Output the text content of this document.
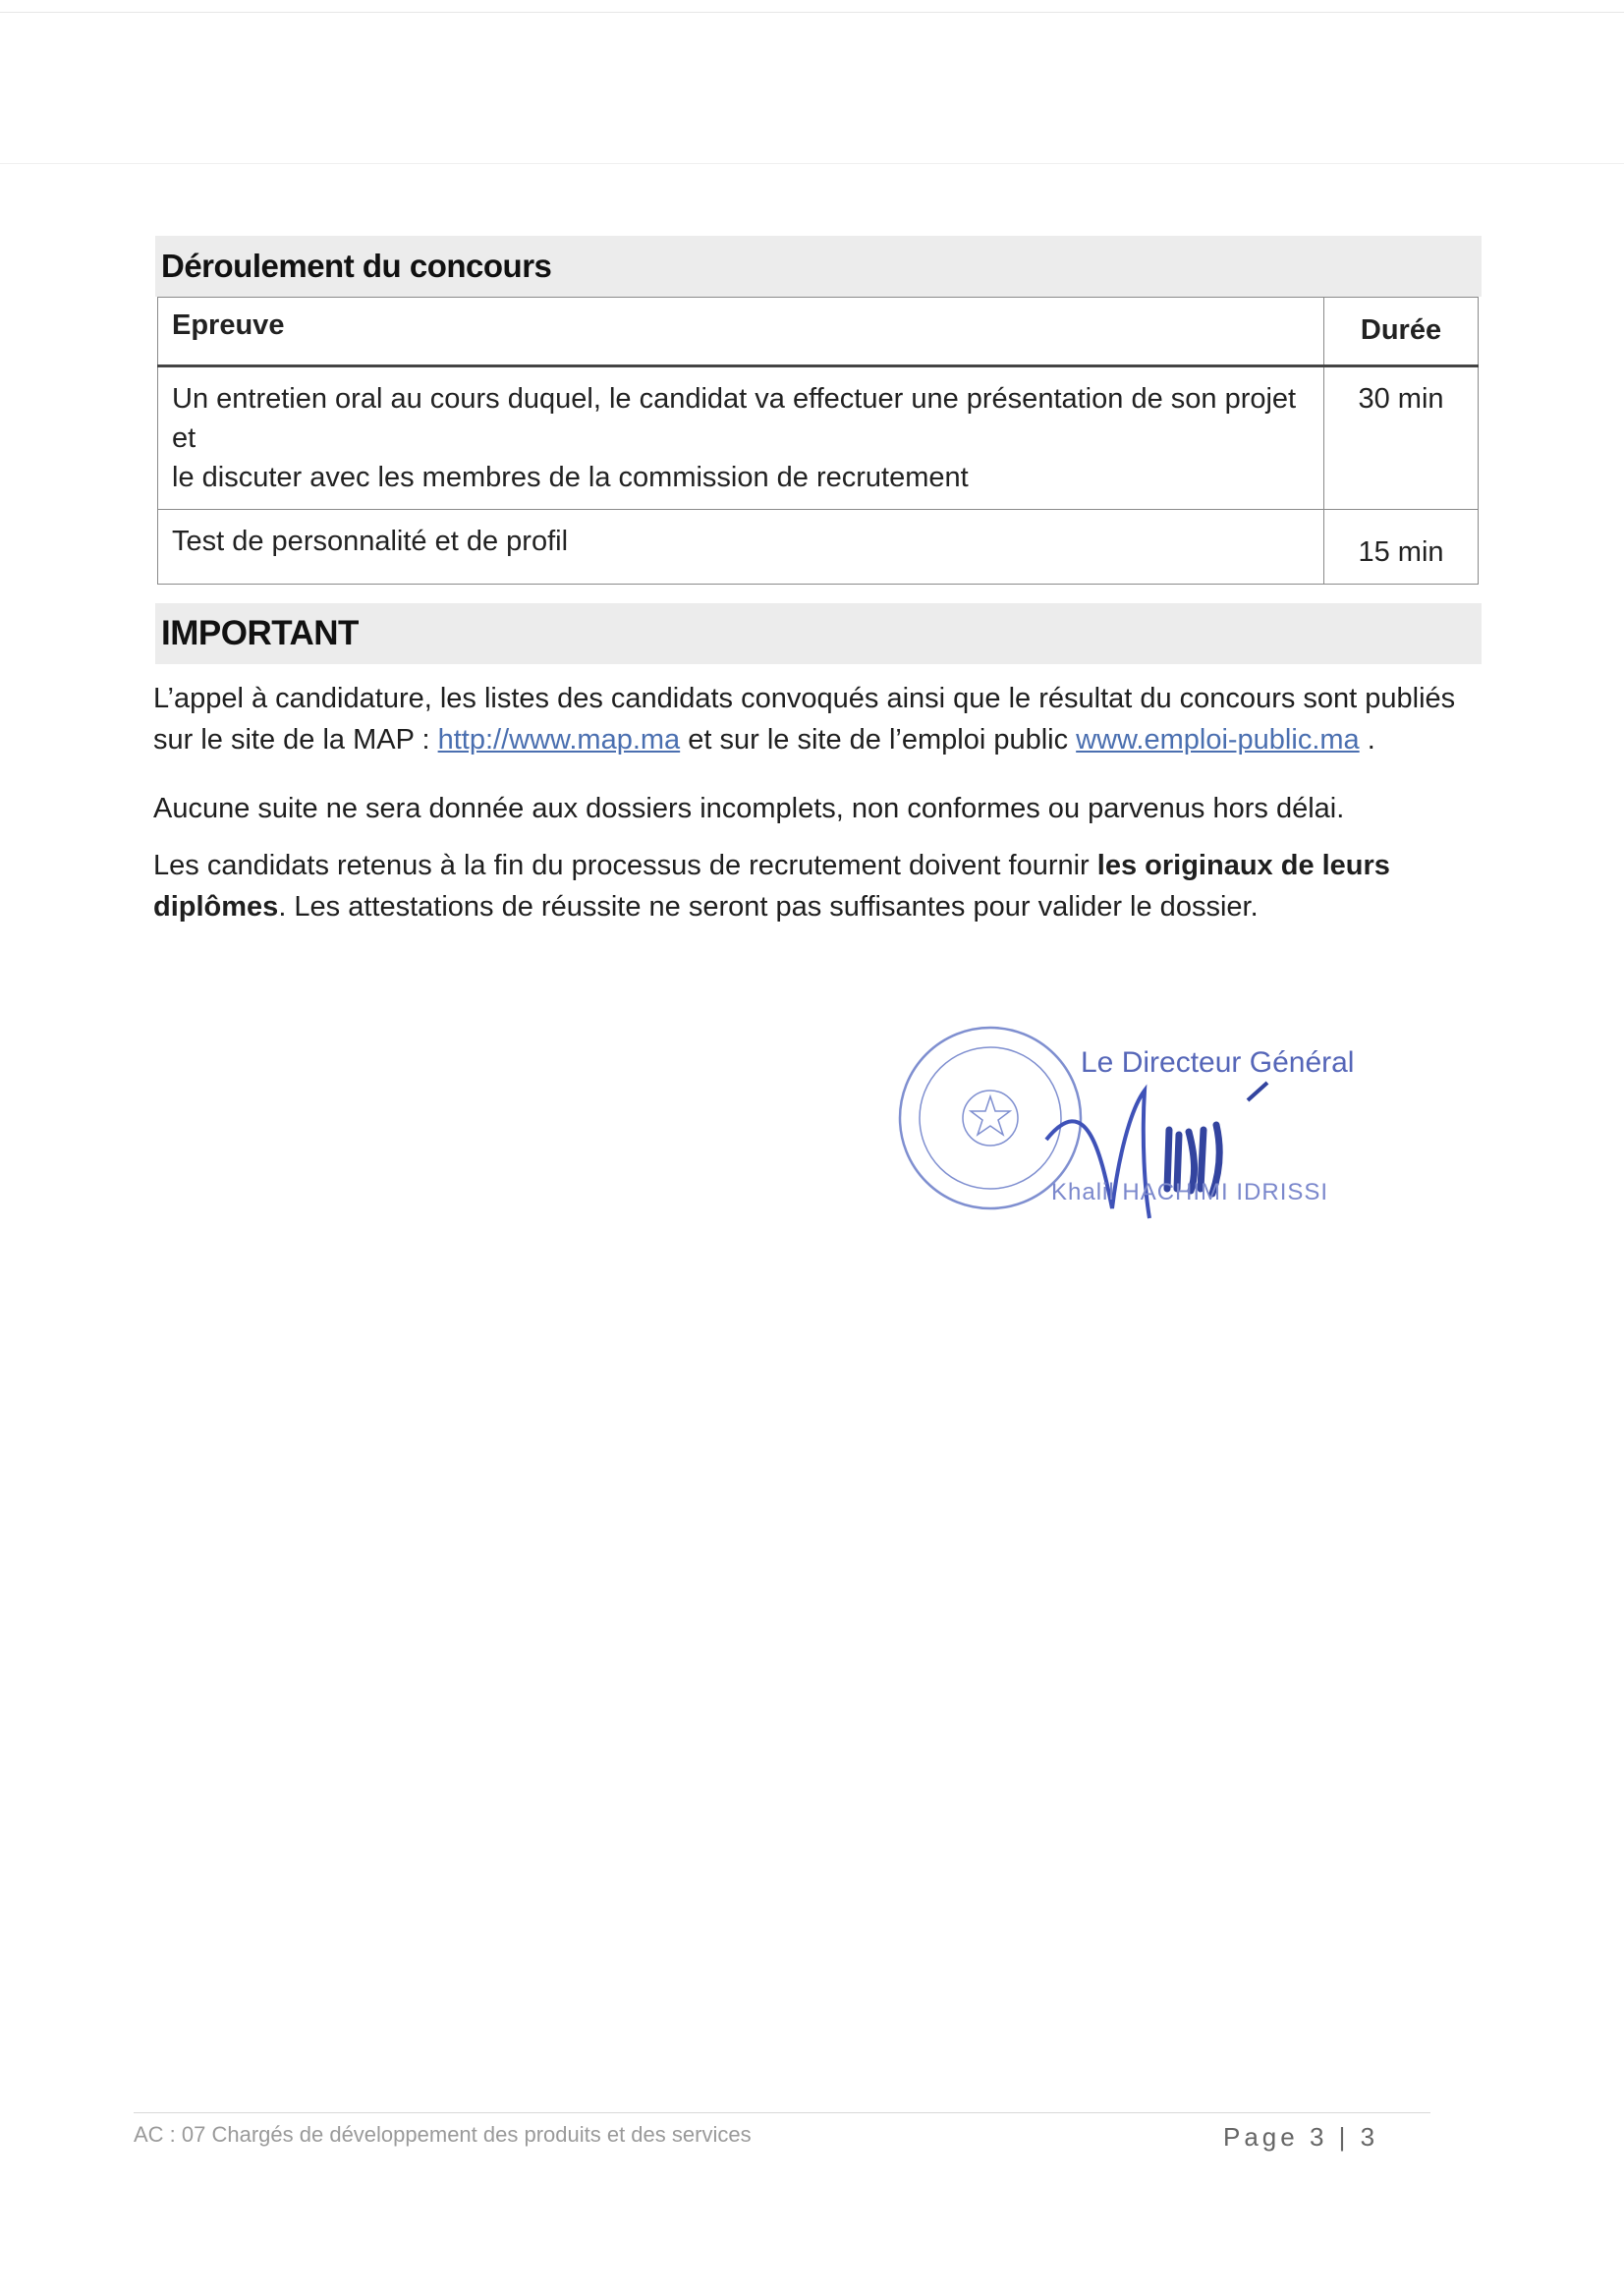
Déroulement du concours
Epreuve	Durée

Un entretien oral au cours duquel, le candidat va effectuer une présentation de son projet et
le discuter avec les membres de la commission de recrutement	30 min
Test de personnalité et de profil	15 min
IMPORTANT

L’appel à candidature, les listes des candidats convoqués ainsi que le résultat du concours sont publiés sur le site de la MAP : http://www.map.ma et sur le site de l’emploi public www.emploi-public.ma .

Aucune suite ne sera donnée aux dossiers incomplets, non conformes ou parvenus hors délai.

Les candidats retenus à la fin du processus de recrutement doivent fournir les originaux de leurs diplômes. Les attestations de réussite ne seront pas suffisantes pour valider le dossier.

Le Directeur Général
Khalil HACHIMI IDRISSI
AC : 07 Chargés de développement des produits et des services	Page 3 | 3
